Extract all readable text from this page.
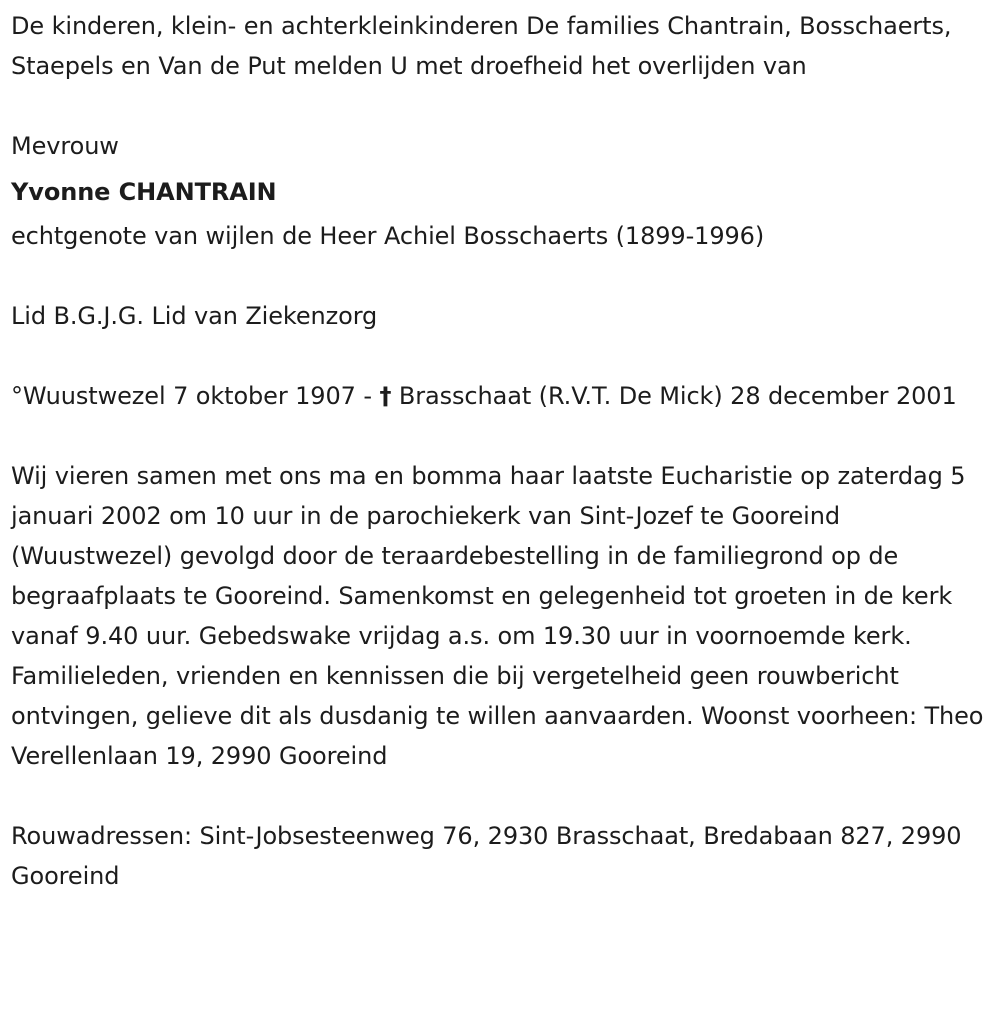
De kinderen, klein- en achterkleinkinderen De families Chantrain, Bosschaerts, Staepels en Van de Put melden U met droefheid het overlijden van

Mevrouw
Yvonne CHANTRAIN
echtgenote van wijlen de Heer Achiel Bosschaerts (1899-1996)

Lid B.G.J.G. Lid van Ziekenzorg

°Wuustwezel 7 oktober 1907 - † Brasschaat (R.V.T. De Mick) 28 december 2001

Wij vieren samen met ons ma en bomma haar laatste Eucharistie op zaterdag 5 januari 2002 om 10 uur in de parochiekerk van Sint-Jozef te Gooreind (Wuustwezel) gevolgd door de teraardebestelling in de familiegrond op de begraafplaats te Gooreind. Samenkomst en gelegenheid tot groeten in de kerk vanaf 9.40 uur. Gebedswake vrijdag a.s. om 19.30 uur in voornoemde kerk. Familieleden, vrienden en kennissen die bij vergetelheid geen rouwbericht ontvingen, gelieve dit als dusdanig te willen aanvaarden. Woonst voorheen: Theo Verellenlaan 19, 2990 Gooreind

Rouwadressen: Sint-Jobsesteenweg 76, 2930 Brasschaat, Bredabaan 827, 2990 Gooreind
